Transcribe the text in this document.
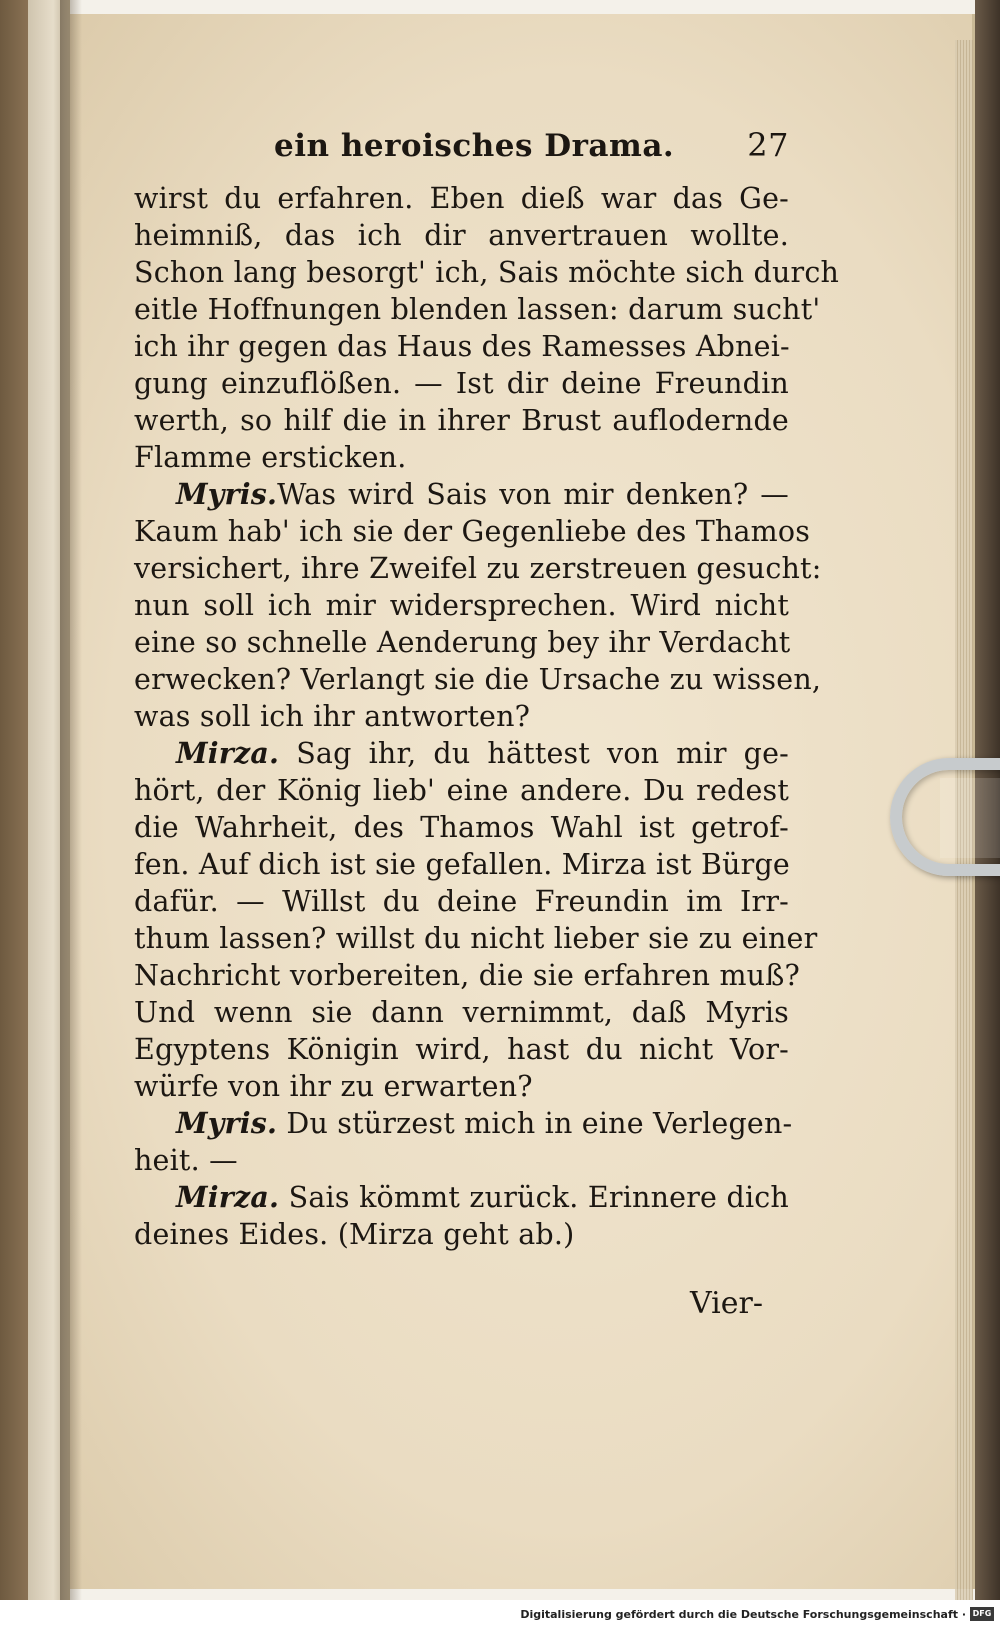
ein heroisches Drama. 27
wirst du erfahren. Eben dieß war das Ge-
heimniß, das ich dir anvertrauen wollte.
Schon lang besorgt' ich, Sais möchte sich durch
eitle Hoffnungen blenden lassen: darum sucht'
ich ihr gegen das Haus des Ramesses Abnei-
gung einzuflößen. — Ist dir deine Freundin
werth, so hilf die in ihrer Brust auflodernde
Flamme ersticken.
Myris.Was wird Sais von mir denken? —
Kaum hab' ich sie der Gegenliebe des Thamos
versichert, ihre Zweifel zu zerstreuen gesucht:
nun soll ich mir widersprechen. Wird nicht
eine so schnelle Aenderung bey ihr Verdacht
erwecken? Verlangt sie die Ursache zu wissen,
was soll ich ihr antworten?
Mirza. Sag ihr, du hättest von mir ge-
hört, der König lieb' eine andere. Du redest
die Wahrheit, des Thamos Wahl ist getrof-
fen. Auf dich ist sie gefallen. Mirza ist Bürge
dafür. — Willst du deine Freundin im Irr-
thum lassen? willst du nicht lieber sie zu einer
Nachricht vorbereiten, die sie erfahren muß?
Und wenn sie dann vernimmt, daß Myris
Egyptens Königin wird, hast du nicht Vor-
würfe von ihr zu erwarten?
Myris. Du stürzest mich in eine Verlegen-
heit. —
Mirza. Sais kömmt zurück. Erinnere dich
deines Eides. (Mirza geht ab.)
Vier-
Digitalisierung gefördert durch die Deutsche Forschungsgemeinschaft · DFG
